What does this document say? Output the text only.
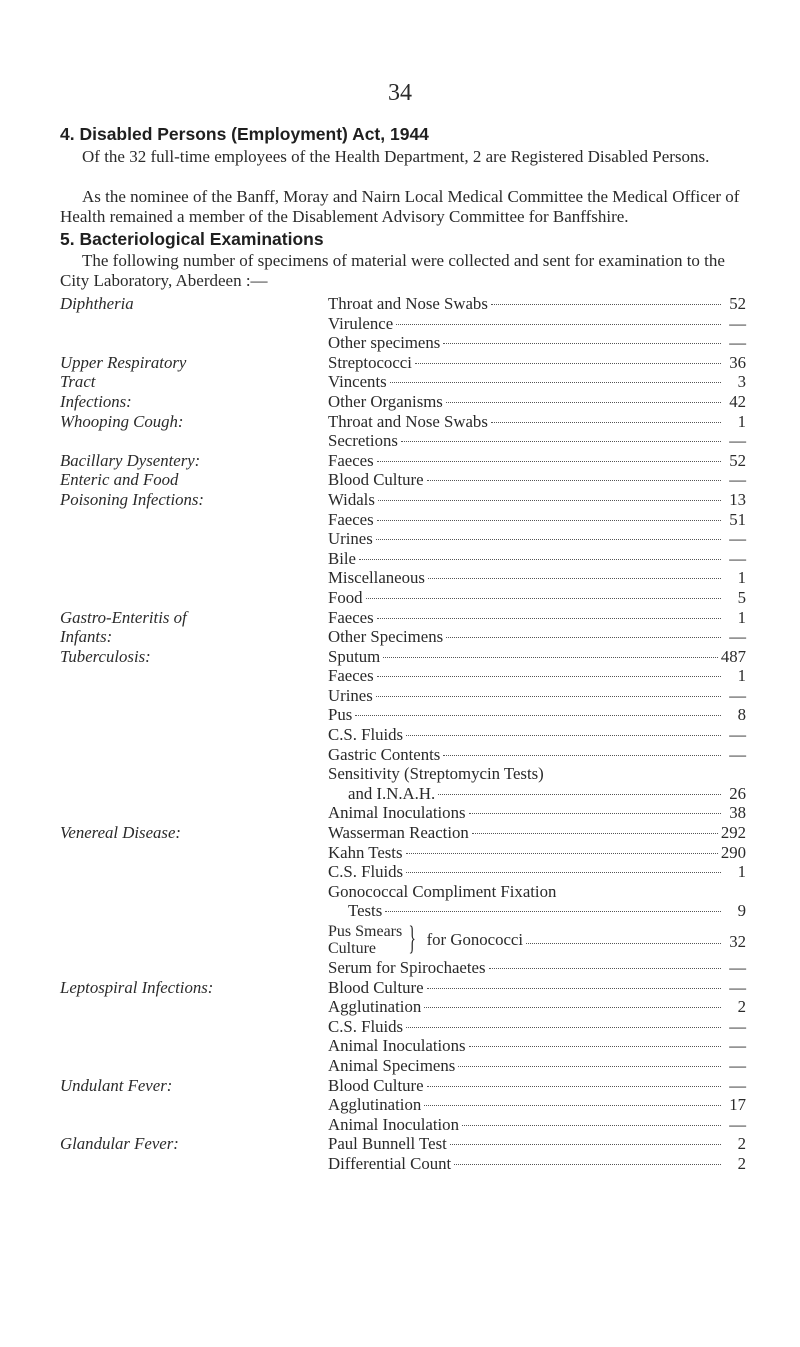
34
4. Disabled Persons (Employment) Act, 1944
Of the 32 full-time employees of the Health Department, 2 are Registered Disabled Persons.
As the nominee of the Banff, Moray and Nairn Local Medical Committee the Medical Officer of Health remained a member of the Disablement Advisory Committee for Banffshire.
5. Bacteriological Examinations
The following number of specimens of material were collected and sent for examination to the City Laboratory, Aberdeen :—
Diphtheria	Throat and Nose Swabs	52
Virulence	—
Other specimens	—
Upper Respiratory	Streptococci	36
Tract	Vincents	3
Infections:	Other Organisms	42
Whooping Cough:	Throat and Nose Swabs	1
Secretions	—
Bacillary Dysentery:	Faeces	52
Enteric and Food	Blood Culture	—
Poisoning Infections:	Widals	13
Faeces	51
Urines	—
Bile	—
Miscellaneous	1
Food	5
Gastro-Enteritis of	Faeces	1
Infants:	Other Specimens	—
Tuberculosis:	Sputum	487
Faeces	1
Urines	—
Pus	8
C.S. Fluids	—
Gastric Contents	—
Sensitivity (Streptomycin Tests)
and I.N.A.H.	26
Animal Inoculations	38
Venereal Disease:	Wasserman Reaction	292
Kahn Tests	290
C.S. Fluids	1
Gonococcal Compliment Fixation
Tests	9
Pus Smears
Culture } for Gonococci	32
Serum for Spirochaetes	—
Leptospiral Infections:	Blood Culture	—
Agglutination	2
C.S. Fluids	—
Animal Inoculations	—
Animal Specimens	—
Undulant Fever:	Blood Culture	—
Agglutination	17
Animal Inoculation	—
Glandular Fever:	Paul Bunnell Test	2
Differential Count	2
